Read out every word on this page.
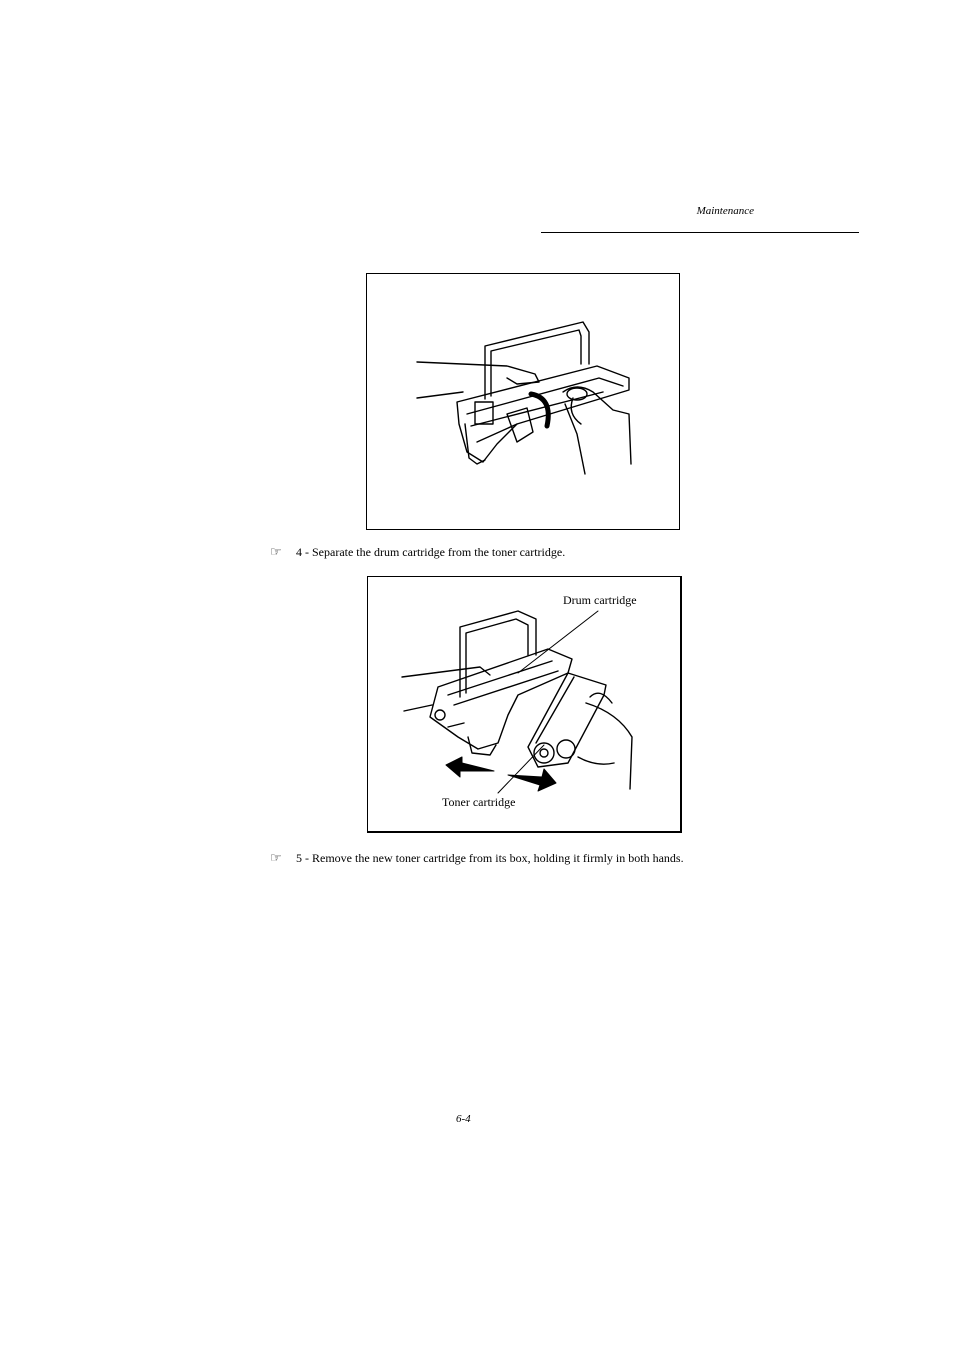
Maintenance
☞ 4 - Separate the drum cartridge from the toner cartridge.
Drum cartridge
Toner cartridge
☞ 5 - Remove the new toner cartridge from its box, holding it firmly in both hands.
6-4
